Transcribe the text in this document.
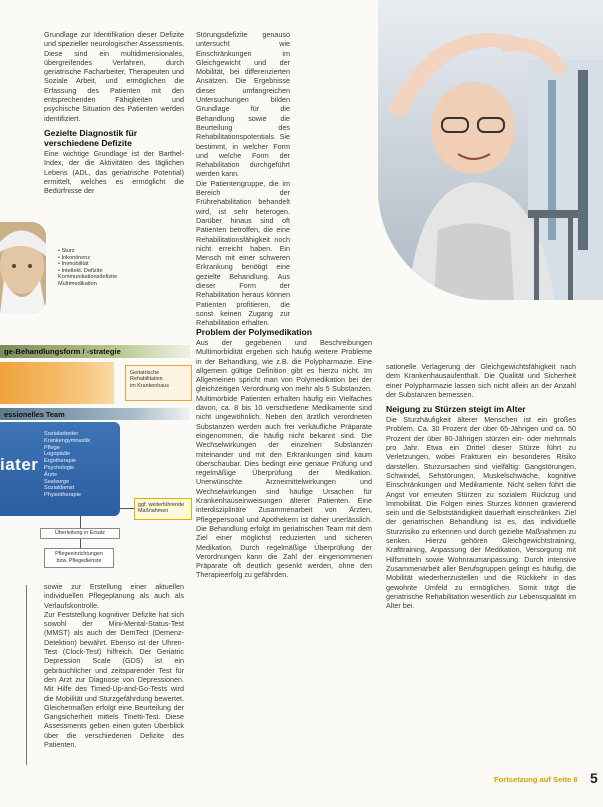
Grundlage zur Identifikation dieser Defizite und spezieller neurologischer Assessments. Diese sind ein multidimensionales, übergreifendes Verfahren, durch geriatrische Facharbeiter, Therapeuten und Soziale Arbeit, und ermöglichen die Erfassung des Patienten mit den entsprechenden Fähigkeiten und psychische Situation des Patienten werden identifiziert.

Gezielte Diagnostik für verschiedene Defizite

Eine wichtige Grundlage ist der Barthel-Index, der die Aktivitäten des täglichen Lebens (ADL, das geriatrische Potential) ermittelt, welches es ermöglicht die Bedürfnisse der

• Sturz
• Inkontinenz
• Immobilität
• Intellekt. Defizite
Kommunikationsdefizite
Multimedikation
ge-Behandlungsform / -strategie
Geriatrische Rehabilitation
im Krankenhaus
essionelles Team
iater
Sozialarbeiter
Krankengymnastik
Pflege
Logopädie
Ergotherapie
Psychologie
Ärzte
Seelsorge
Sozialdienst
Physiotherapie
ggf. weiterführende Maßnahmen
Überleitung in Ersatz
Pflegeeinrichtungen
bzw. Pflegedienste

sowie zur Erstellung einer aktuellen individuellen Pflegeplanung als auch als Verlaufskontrolle.

Zur Feststellung kognitiver Defizite hat sich sowohl der Mini-Mental-Status-Test (MMST) als auch der DemTect (Demenz-Detektion) bewährt. Ebenso ist der Uhren-Test (Clock-Test) hilfreich. Der Geriatric Depression Scale (GDS) ist ein gebräuchlicher und zeitsparender Test für den Arzt zur Diagnose von Depressionen. Mit Hilfe des Timed-Up-and-Go-Tests wird die Mobilität und Sturzgefährdung bewertet. Gleichermaßen erfolgt eine Beurteilung der Gangsicherheit mittels Tinetti-Test. Diese Assessments geben einen guten Überblick über die verschiedenen Defizite des Patienten.

Störungsdefizite genauso untersucht wie Einschränkungen im Gleichgewicht und der Mobilität, bei differenzierten Ansätzen. Die Ergebnisse dieser umfangreichen Untersuchungen bilden Grundlage für die Behandlung sowie die Beurteilung des Rehabilitationspotentials. Sie bestimmt, in welcher Form und welche Form der Rehabilitation durchgeführt werden kann.

Die Patientengruppe, die im Bereich der Frührehabilitation behandelt wird, ist sehr heterogen. Darüber hinaus sind oft Patienten betroffen, die eine Rehabilitationsfähigkeit noch nicht erreicht haben. Ein Mensch mit einer schweren Erkrankung benötigt eine gezielte Behandlung. Aus dieser Form der Rehabilitation heraus können Patienten profitieren, die sonst keinen Zugang zur Rehabilitation erhalten.

Problem der Polymedikation

Aus der gegebenen und Beschreibungen Multimorbidität ergeben sich häufig weitere Probleme in der Behandlung, wie z.B. die Polypharmazie. Eine allgemein gültige Definition gibt es hierzu nicht. Im Allgemeinen spricht man von Polymedikation bei der gleichzeitigen Verordnung von mehr als 5 Substanzen. Multimorbide Patienten erhalten häufig ein Vielfaches davon, ca. 8 bis 10 verschiedene Medikamente sind nicht ungewöhnlich. Neben den ärztlich verordneten Substanzen werden auch frei verkäufliche Präparate eingenommen, die häufig nicht bekannt sind. Die Wechselwirkungen der einzelnen Substanzen miteinander und mit den Erkrankungen sind kaum überschaubar. Dies bedingt eine genaue Prüfung und regelmäßige Überprüfung der Medikation. Unerwünschte Arzneimittelwirkungen und Wechselwirkungen sind häufige Ursachen für Krankenhauseinweisungen älterer Patienten. Eine interdisziplinäre Zusammenarbeit von Ärzten, Pflegepersonal und Apothekern ist daher unerlässlich. Die Behandlung erfolgt im geriatrischen Team mit dem Ziel einer möglichst reduzierten und sicheren Medikation. Durch regelmäßige Überprüfung der Verordnungen kann die Zahl der eingenommenen Präparate oft deutlich gesenkt werden, ohne den Therapieerfolg zu gefährden.

sationelle Verlagerung der Gleichgewichtsfähigkeit nach dem Krankenhausaufenthalt. Die Qualität und Sicherheit einer Polypharmazie lassen sich nicht allein an der Anzahl der Substanzen bemessen.

Neigung zu Stürzen steigt im Alter

Die Sturzhäufigkeit älterer Menschen ist ein großes Problem. Ca. 30 Prozent der über 65-Jährigen und ca. 50 Prozent der über 80-Jährigen stürzen ein- oder mehrmals pro Jahr. Etwa ein Drittel dieser Stürze führt zu Verletzungen, wobei Frakturen ein besonderes Risiko darstellen. Sturzursachen sind vielfältig: Gangstörungen, Schwindel, Sehstörungen, Muskelschwäche, kognitive Einschränkungen und Medikamente. Nicht selten führt die Angst vor erneuten Stürzen zu sozialem Rückzug und Immobilität. Die Folgen eines Sturzes können gravierend sein und die Selbstständigkeit dauerhaft einschränken. Ziel der geriatrischen Behandlung ist es, das individuelle Sturzrisiko zu erkennen und durch gezielte Maßnahmen zu senken. Hierzu gehören Gleichgewichtstraining, Krafttraining, Anpassung der Medikation, Versorgung mit Hilfsmitteln sowie Wohnraumanpassung. Durch intensive Zusammenarbeit aller Berufsgruppen gelingt es häufig, die Mobilität wiederherzustellen und die Rückkehr in das gewohnte Umfeld zu ermöglichen. Somit trägt die geriatrische Rehabilitation wesentlich zur Lebensqualität im Alter bei.

Fortsetzung auf Seite 6 5
